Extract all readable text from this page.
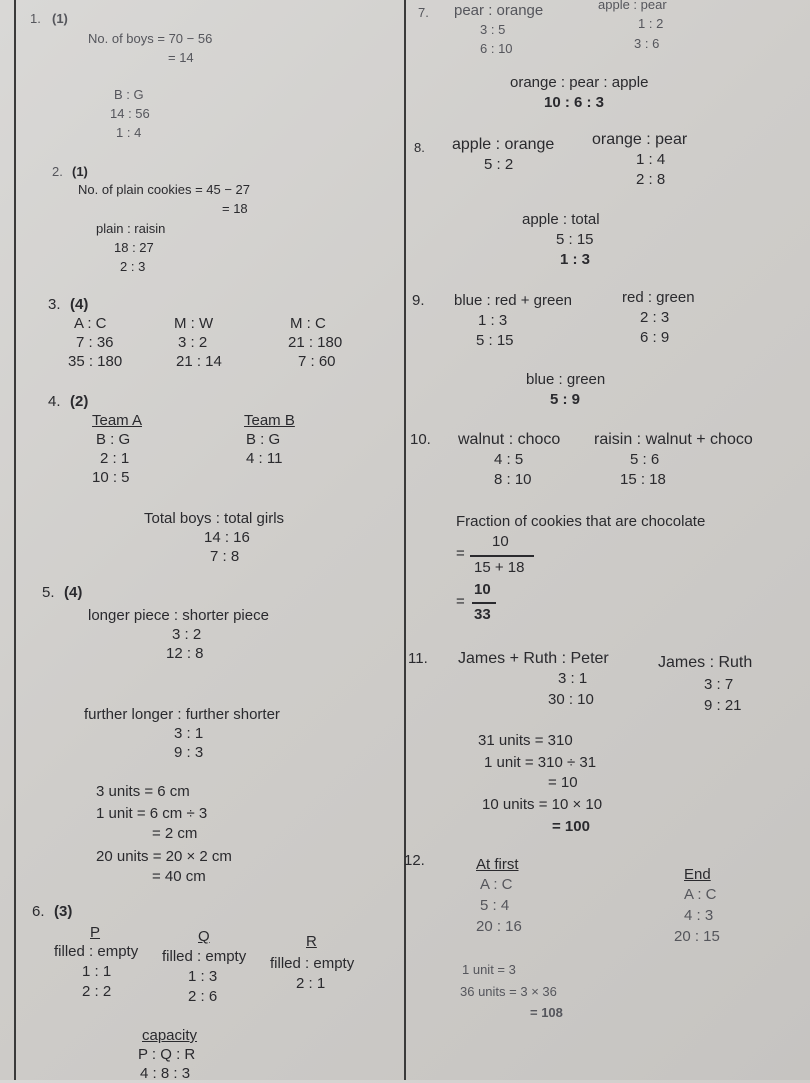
1. (1)
No. of boys = 70 − 56
= 14
B : G
14 : 56
1 : 4
2. (1)
No. of plain cookies = 45 − 27
= 18
plain : raisin
18 : 27
2 : 3
3. (4)
A : C
7 : 36
35 : 180
M : W
3 : 2
21 : 14
M : C
21 : 180
7 : 60
4. (2)
Team A
B : G
2 : 1
10 : 5
Team B
B : G
4 : 11
Total boys : total girls
14 : 16
7 : 8
5. (4)
longer piece : shorter piece
3 : 2
12 : 8
further longer : further shorter
3 : 1
9 : 3
3 units = 6 cm
1 unit = 6 cm ÷ 3
= 2 cm
20 units = 20 × 2 cm
= 40 cm
6. (3)
P
filled : empty
1 : 1
2 : 2
Q
filled : empty
1 : 3
2 : 6
R
filled : empty
2 : 1
capacity
P : Q : R
4 : 8 : 3
7. pear : orange
3 : 5
6 : 10
apple : pear
1 : 2
3 : 6
orange : pear : apple
10 : 6 : 3
8. apple : orange
5 : 2
orange : pear
1 : 4
2 : 8
apple : total
5 : 15
1 : 3
9. blue : red + green
1 : 3
5 : 15
red : green
2 : 3
6 : 9
blue : green
5 : 9
10. walnut : choco
4 : 5
8 : 10
raisin : walnut + choco
5 : 6
15 : 18
Fraction of cookies that are chocolate
=
10
15 + 18
=
10
33
11. James + Ruth : Peter
3 : 1
30 : 10
James : Ruth
3 : 7
9 : 21
31 units = 310
1 unit = 310 ÷ 31
= 10
10 units = 10 × 10
= 100
12.	At first
A : C
5 : 4
20 : 16
End
A : C
4 : 3
20 : 15
1 unit = 3
36 units = 3 × 36
= 108
